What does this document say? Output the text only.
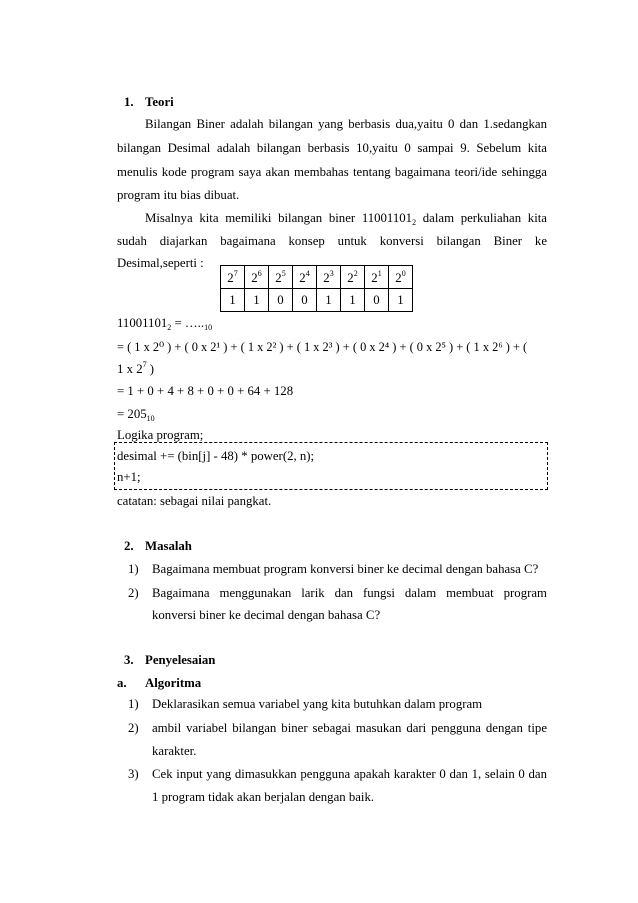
1. Teori
Bilangan Biner adalah bilangan yang berbasis dua,yaitu 0 dan 1.sedangkan
bilangan Desimal adalah bilangan berbasis 10,yaitu 0 sampai 9. Sebelum kita
menulis kode program saya akan membahas tentang bagaimana teori/ide sehingga
program itu bias dibuat.
Misalnya kita memiliki bilangan biner $11001101_2$ dalam perkuliahan kita
sudah diajarkan bagaimana konsep untuk konversi bilangan Biner ke
Desimal,seperti :
$2^7$	$2^6$	$2^5$	$2^4$	$2^3$	$2^2$	$2^1$	$2^0$
1	1	0	0	1	1	0	1
$11001101_2$ = $\dots.._{10}$
= ( 1 x 2⁰ ) + ( 0 x 2¹ ) + ( 1 x 2² ) + ( 1 x 2³ ) + ( 0 x 2⁴ ) + ( 0 x 2⁵ ) + ( 1 x 2⁶ ) + (
1 x $2^7$ )
= 1 + 0 + 4 + 8 + 0 + 0 + 64 + 128
= $205_{10}$
Logika program;
desimal += (bin[j] - 48) * power(2, n);
n+1;
catatan: sebagai nilai pangkat.
2. Masalah
1) Bagaimana membuat program konversi biner ke decimal dengan bahasa C?
2) Bagaimana menggunakan larik dan fungsi dalam membuat program
konversi biner ke decimal dengan bahasa C?
3. Penyelesaian
a. Algoritma
1) Deklarasikan semua variabel yang kita butuhkan dalam program
2) ambil variabel bilangan biner sebagai masukan dari pengguna dengan tipe
karakter.
3) Cek input yang dimasukkan pengguna apakah karakter 0 dan 1, selain 0 dan
1 program tidak akan berjalan dengan baik.
